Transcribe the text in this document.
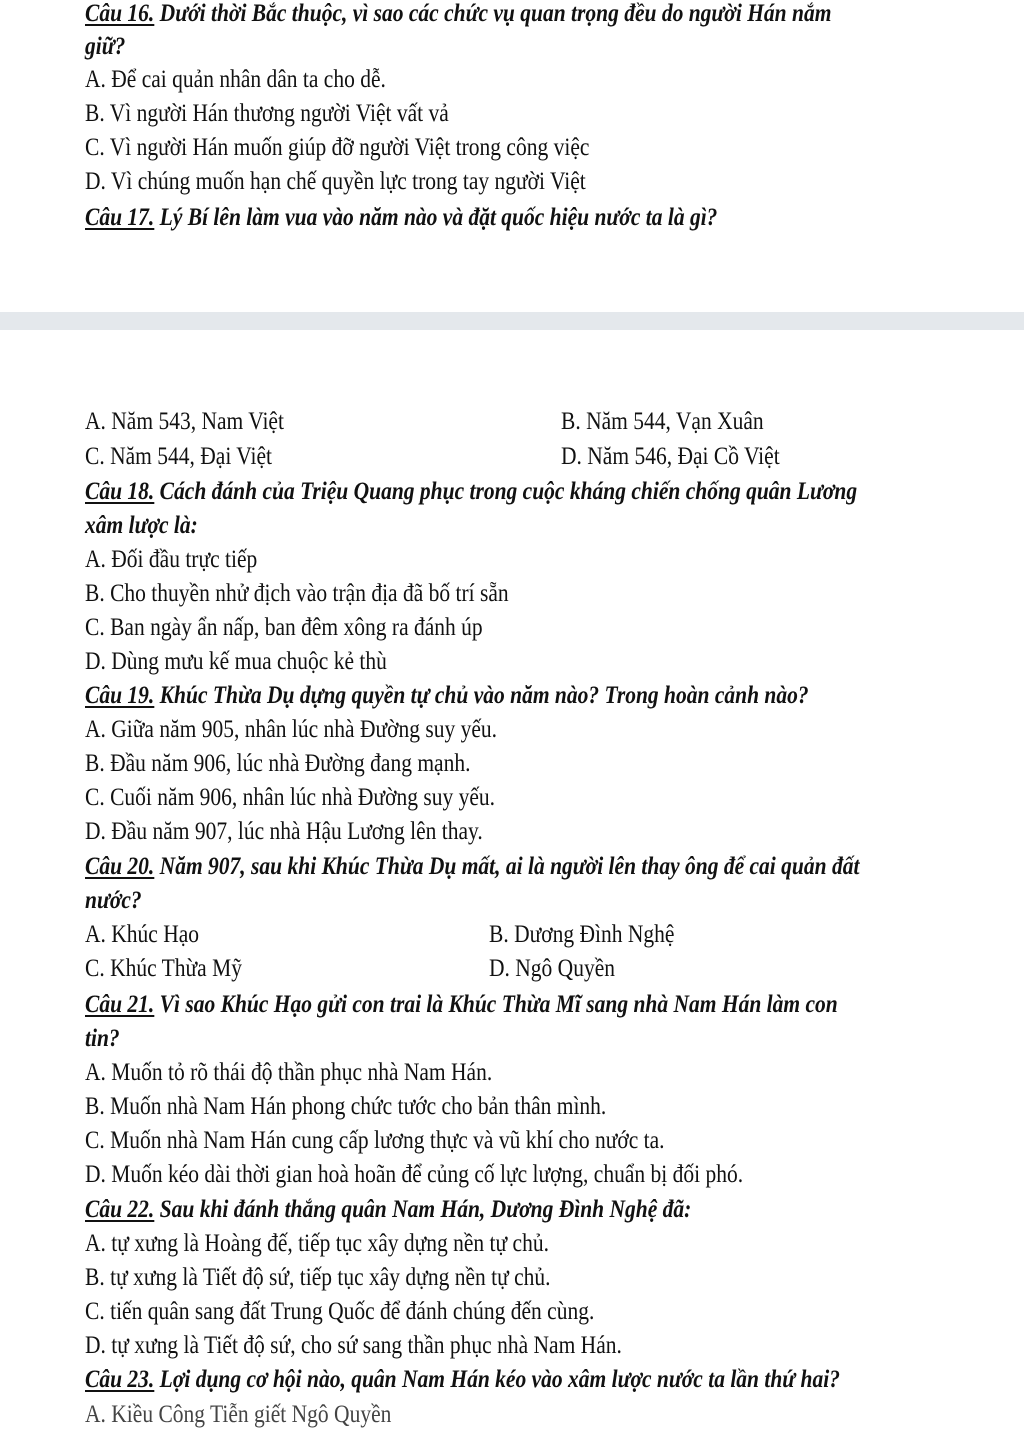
Câu 16. Dưới thời Bắc thuộc, vì sao các chức vụ quan trọng đều do người Hán nắm
giữ?
A. Để cai quản nhân dân ta cho dễ.
B. Vì người Hán thương người Việt vất vả
C. Vì người Hán muốn giúp đỡ người Việt trong công việc
D. Vì chúng muốn hạn chế quyền lực trong tay người Việt
Câu 17. Lý Bí lên làm vua vào năm nào và đặt quốc hiệu nước ta là gì?
A. Năm 543, Nam Việt	B. Năm 544, Vạn Xuân
C. Năm 544, Đại Việt	D. Năm 546, Đại Cồ Việt
Câu 18. Cách đánh của Triệu Quang phục trong cuộc kháng chiến chống quân Lương
xâm lược là:
A. Đối đầu trực tiếp
B. Cho thuyền nhử địch vào trận địa đã bố trí sẵn
C. Ban ngày ẩn nấp, ban đêm xông ra đánh úp
D. Dùng mưu kế mua chuộc kẻ thù
Câu 19. Khúc Thừa Dụ dựng quyền tự chủ vào năm nào? Trong hoàn cảnh nào?
A. Giữa năm 905, nhân lúc nhà Đường suy yếu.
B. Đầu năm 906, lúc nhà Đường đang mạnh.
C. Cuối năm 906, nhân lúc nhà Đường suy yếu.
D. Đầu năm 907, lúc nhà Hậu Lương lên thay.
Câu 20. Năm 907, sau khi Khúc Thừa Dụ mất, ai là người lên thay ông để cai quản đất
nước?
A. Khúc Hạo	B. Dương Đình Nghệ
C. Khúc Thừa Mỹ	D. Ngô Quyền
Câu 21. Vì sao Khúc Hạo gửi con trai là Khúc Thừa Mĩ sang nhà Nam Hán làm con
tin?
A. Muốn tỏ rõ thái độ thần phục nhà Nam Hán.
B. Muốn nhà Nam Hán phong chức tước cho bản thân mình.
C. Muốn nhà Nam Hán cung cấp lương thực và vũ khí cho nước ta.
D. Muốn kéo dài thời gian hoà hoãn để củng cố lực lượng, chuẩn bị đối phó.
Câu 22. Sau khi đánh thắng quân Nam Hán, Dương Đình Nghệ đã:
A. tự xưng là Hoàng đế, tiếp tục xây dựng nền tự chủ.
B. tự xưng là Tiết độ sứ, tiếp tục xây dựng nền tự chủ.
C. tiến quân sang đất Trung Quốc để đánh chúng đến cùng.
D. tự xưng là Tiết độ sứ, cho sứ sang thần phục nhà Nam Hán.
Câu 23. Lợi dụng cơ hội nào, quân Nam Hán kéo vào xâm lược nước ta lần thứ hai?
A. Kiều Công Tiễn giết Ngô Quyền
